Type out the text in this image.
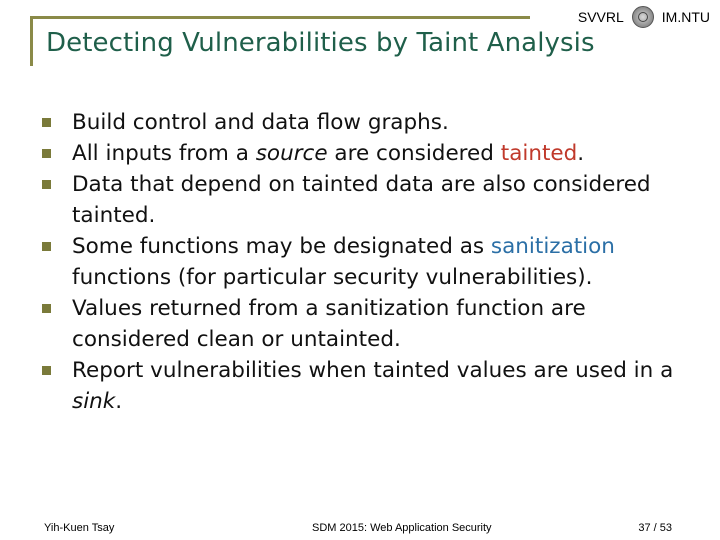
SVVRL	IM.NTU
Detecting Vulnerabilities by Taint Analysis
Build control and data flow graphs.
All inputs from a source are considered tainted.
Data that depend on tainted data are also considered tainted.
Some functions may be designated as sanitization functions (for particular security vulnerabilities).
Values returned from a sanitization function are considered clean or untainted.
Report vulnerabilities when tainted values are used in a sink.
Yih-Kuen Tsay	SDM 2015: Web Application Security	37 / 53
